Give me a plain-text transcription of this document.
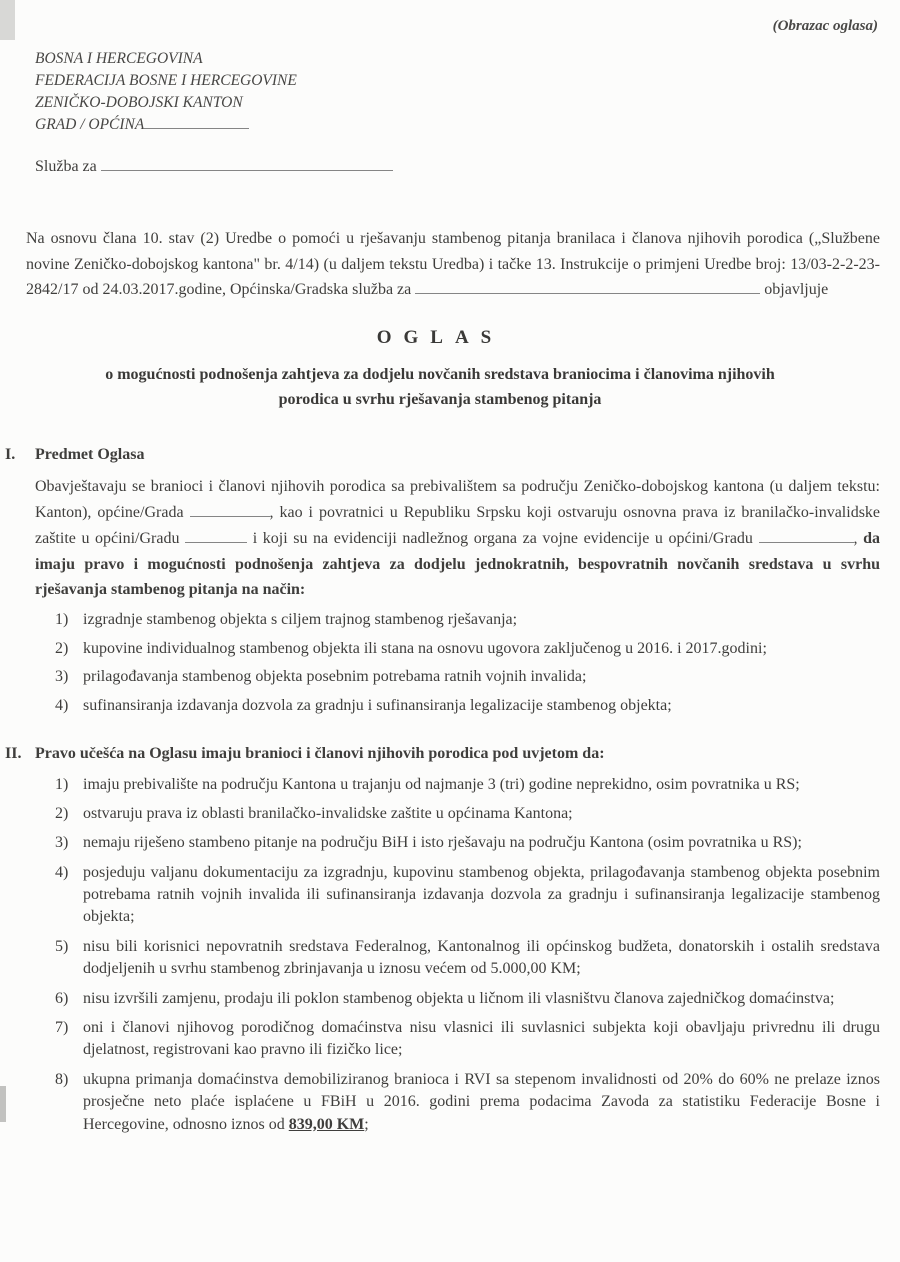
(Obrazac oglasa)
BOSNA I HERCEGOVINA
FEDERACIJA BOSNE I HERCEGOVINE
ZENIČKO-DOBOJSKI KANTON
GRAD / OPĆINA
Služba za

Na osnovu člana 10. stav (2) Uredbe o pomoći u rješavanju stambenog pitanja branilaca i članova njihovih porodica („Službene novine Zeničko-dobojskog kantona" br. 4/14) (u daljem tekstu Uredba) i tačke 13. Instrukcije o primjeni Uredbe broj: 13/03-2-2-23-2842/17 od 24.03.2017.godine, Općinska/Gradska služba za	objavljuje

OGLAS
o mogućnosti podnošenja zahtjeva za dodjelu novčanih sredstava braniocima i članovima njihovih porodica u svrhu rješavanja stambenog pitanja
I.	Predmet Oglasa

Obavještavaju se branioci i članovi njihovih porodica sa prebivalištem sa području Zeničko-dobojskog kantona (u daljem tekstu: Kanton), općine/Grada	, kao i povratnici u Republiku Srpsku koji ostvaruju osnovna prava iz branilačko-invalidske zaštite u općini/Gradu	i koji su na evidenciji nadležnog organa za vojne evidencije u općini/Gradu	, da imaju pravo i mogućnosti podnošenja zahtjeva za dodjelu jednokratnih, bespovratnih novčanih sredstava u svrhu rješavanja stambenog pitanja na način:

1) izgradnje stambenog objekta s ciljem trajnog stambenog rješavanja;
2) kupovine individualnog stambenog objekta ili stana na osnovu ugovora zaključenog u 2016. i 2017.godini;
3) prilagođavanja stambenog objekta posebnim potrebama ratnih vojnih invalida;
4) sufinansiranja izdavanja dozvola za gradnju i sufinansiranja legalizacije stambenog objekta;
II. Pravo učešća na Oglasu imaju branioci i članovi njihovih porodica pod uvjetom da:
1) imaju prebivalište na području Kantona u trajanju od najmanje 3 (tri) godine neprekidno, osim povratnika u RS;
2) ostvaruju prava iz oblasti branilačko-invalidske zaštite u općinama Kantona;
3) nemaju riješeno stambeno pitanje na području BiH i isto rješavaju na području Kantona (osim povratnika u RS);
4) posjeduju valjanu dokumentaciju za izgradnju, kupovinu stambenog objekta, prilagođavanja stambenog objekta posebnim potrebama ratnih vojnih invalida ili sufinansiranja izdavanja dozvola za gradnju i sufinansiranja legalizacije stambenog objekta;
5) nisu bili korisnici nepovratnih sredstava Federalnog, Kantonalnog ili općinskog budžeta, donatorskih i ostalih sredstava dodjeljenih u svrhu stambenog zbrinjavanja u iznosu većem od 5.000,00 KM;
6) nisu izvršili zamjenu, prodaju ili poklon stambenog objekta u ličnom ili vlasništvu članova zajedničkog domaćinstva;
7) oni i članovi njihovog porodičnog domaćinstva nisu vlasnici ili suvlasnici subjekta koji obavljaju privrednu ili drugu djelatnost, registrovani kao pravno ili fizičko lice;
8) ukupna primanja domaćinstva demobiliziranog branioca i RVI sa stepenom invalidnosti od 20% do 60% ne prelaze iznos prosječne neto plaće isplaćene u FBiH u 2016. godini prema podacima Zavoda za statistiku Federacije Bosne i Hercegovine, odnosno iznos od 839,00 KM;
